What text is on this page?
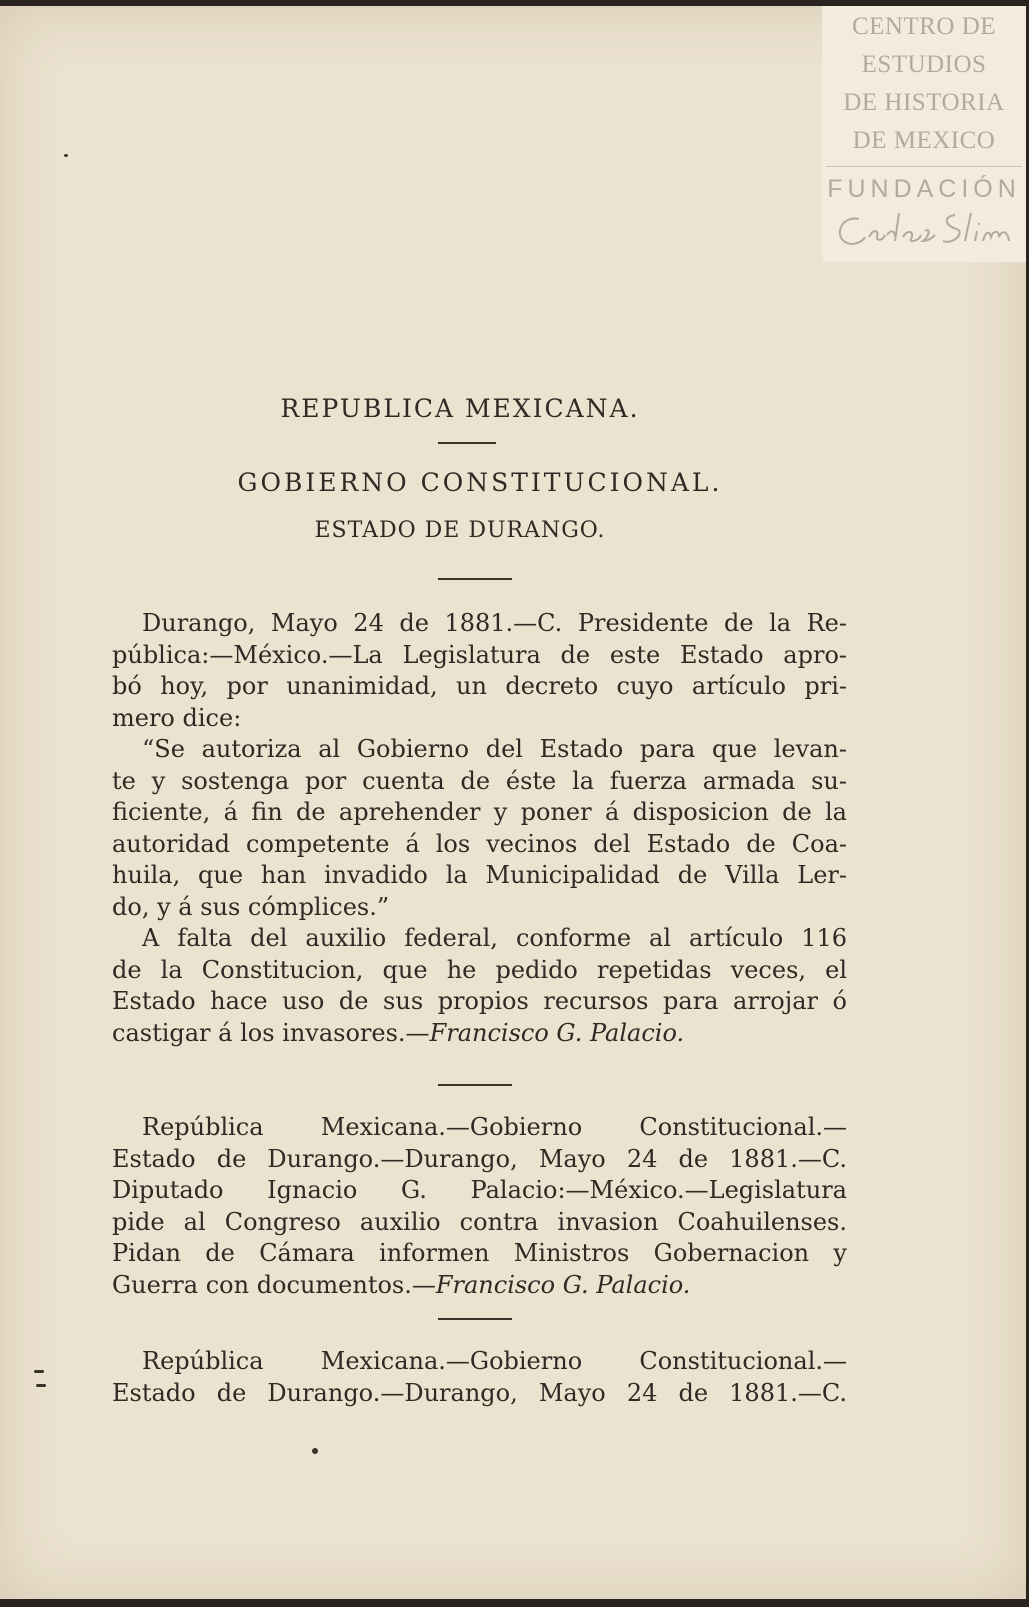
CENTRO DE
ESTUDIOS
DE HISTORIA
DE MEXICO
FUNDACIÓN
REPUBLICA MEXICANA.
GOBIERNO CONSTITUCIONAL.
ESTADO DE DURANGO.
Durango, Mayo 24 de 1881.—C. Presidente de la Re-
pública:—México.—La Legislatura de este Estado apro-
bó hoy, por unanimidad, un decreto cuyo artículo pri-
mero dice:
“Se autoriza al Gobierno del Estado para que levan-
te y sostenga por cuenta de éste la fuerza armada su-
ficiente, á fin de aprehender y poner á disposicion de la
autoridad competente á los vecinos del Estado de Coa-
huila, que han invadido la Municipalidad de Villa Ler-
do, y á sus cómplices.”
A falta del auxilio federal, conforme al artículo 116
de la Constitucion, que he pedido repetidas veces, el
Estado hace uso de sus propios recursos para arrojar ó
castigar á los invasores.—Francisco G. Palacio.
República Mexicana.—Gobierno Constitucional.—
Estado de Durango.—Durango, Mayo 24 de 1881.—C.
Diputado Ignacio G. Palacio:—México.—Legislatura
pide al Congreso auxilio contra invasion Coahuilenses.
Pidan de Cámara informen Ministros Gobernacion y
Guerra con documentos.—Francisco G. Palacio.
República Mexicana.—Gobierno Constitucional.—
Estado de Durango.—Durango, Mayo 24 de 1881.—C.
